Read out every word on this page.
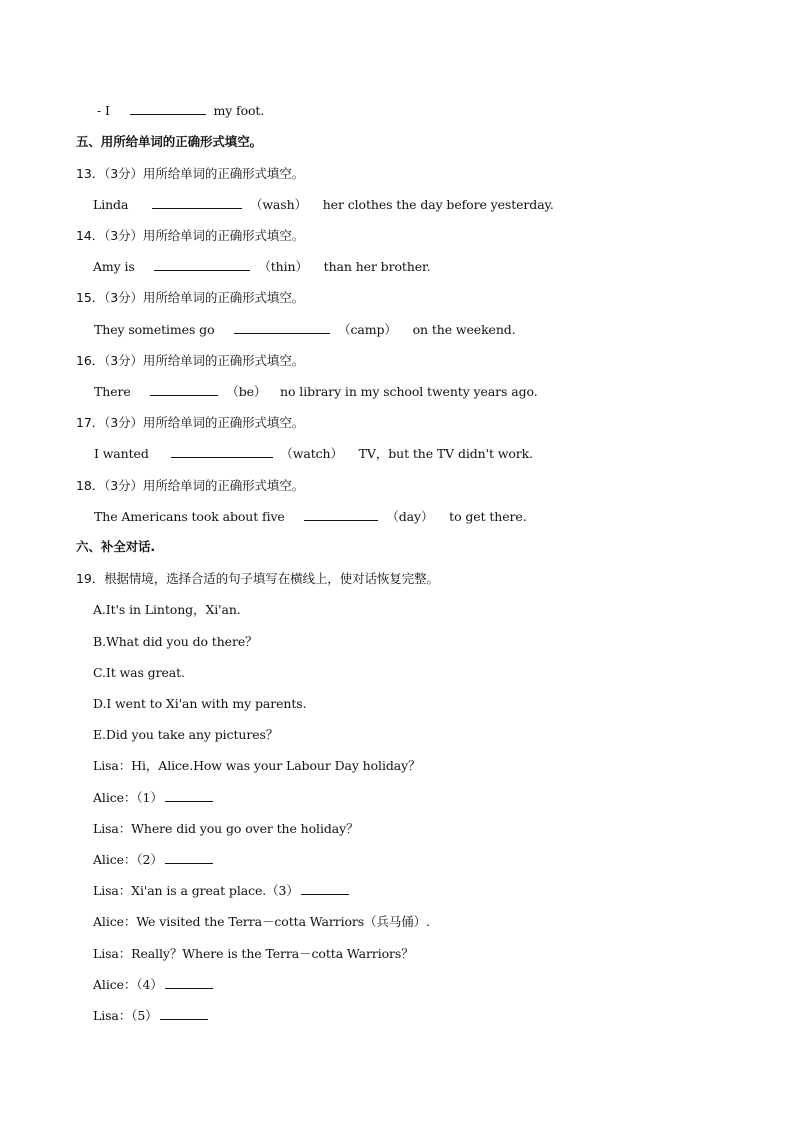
- I	my foot.
五、用所给单词的正确形式填空。
13．（3分）用所给单词的正确形式填空。
Linda	（wash） her clothes the day before yesterday.
14．（3分）用所给单词的正确形式填空。
Amy is	（thin） than her brother.
15．（3分）用所给单词的正确形式填空。
They sometimes go	（camp） on the weekend.
16．（3分）用所给单词的正确形式填空。
There	（be） no library in my school twenty years ago.
17．（3分）用所给单词的正确形式填空。
I wanted	（watch） TV，but the TV didn't work.
18．（3分）用所给单词的正确形式填空。
The Americans took about five	（day） to get there.
六、补全对话.
19．根据情境，选择合适的句子填写在横线上，使对话恢复完整。
A.It's in Lintong，Xi'an.
B.What did you do there？
C.It was great.
D.I went to Xi'an with my parents.
E.Did you take any pictures？
Lisa：Hi，Alice.How was your Labour Day holiday？
Alice：（1）
Lisa：Where did you go over the holiday？
Alice：（2）
Lisa：Xi'an is a great place.（3）
Alice：We visited the Terra－cotta Warriors（兵马俑）.
Lisa：Really？Where is the Terra－cotta Warriors？
Alice：（4）
Lisa：（5）
